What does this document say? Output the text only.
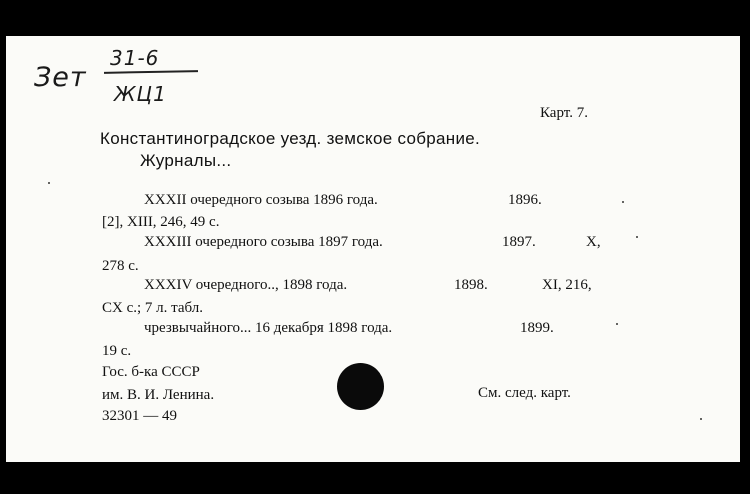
Зет
31-6
ЖЦ1
Карт. 7.
Константиноградское уезд. земское собрание.
Журналы...
XXXII очередного созыва 1896 года.	1896.
[2], XIII, 246, 49 с.
XXXIII очередного созыва 1897 года.	1897.	X,
278 с.
XXXIV очередного.., 1898 года.	1898.	XI, 216,
CX с.; 7 л. табл.
чрезвычайного... 16 декабря 1898 года.	1899.
19 с.
Гос. б-ка СССР
им. В. И. Ленина.
32301 — 49
См. след. карт.
